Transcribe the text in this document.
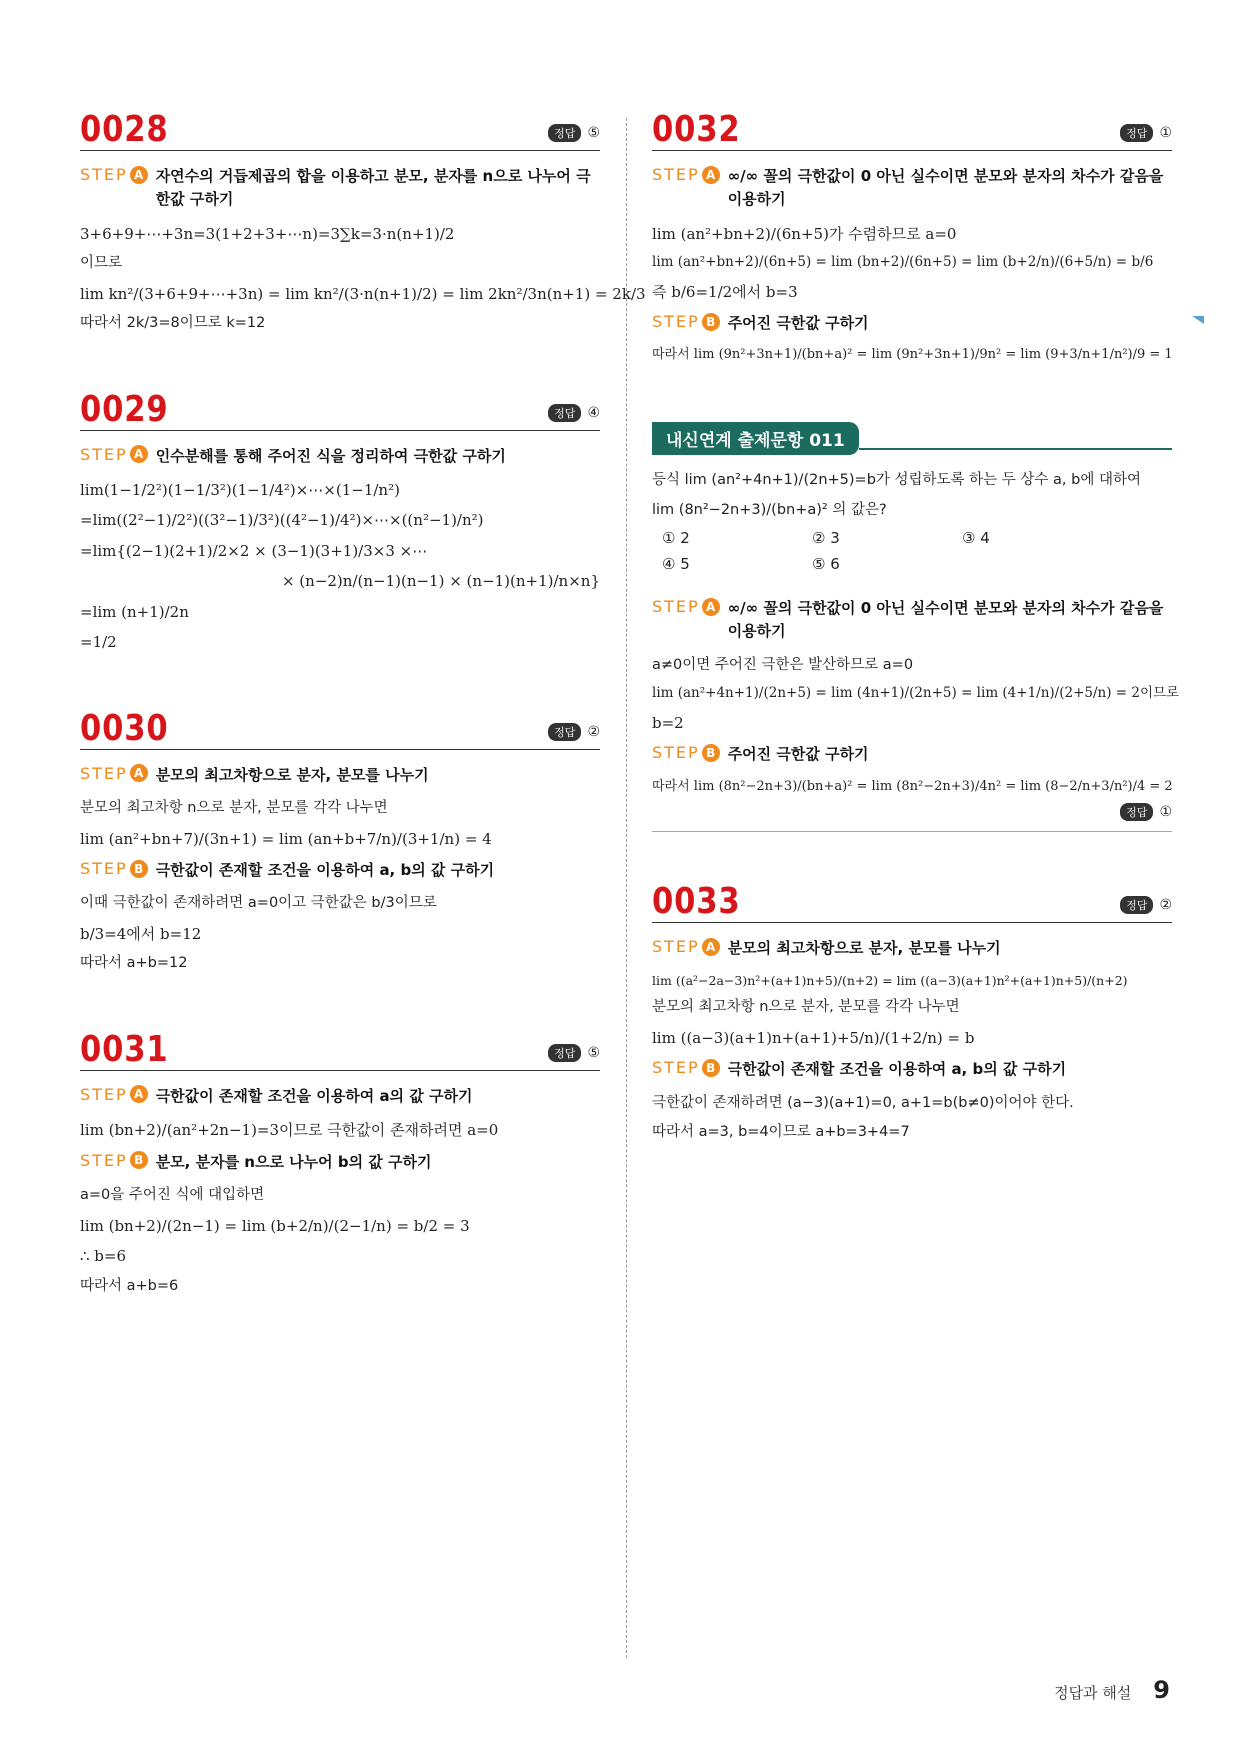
0028	정답 ⑤
STEP A 자연수의 거듭제곱의 합을 이용하고 분모, 분자를 n으로 나누어 극한값 구하기
3+6+9+⋯+3n=3(1+2+3+⋯n)=3∑k=3·n(n+1)/2
이므로
lim kn²/(3+6+9+⋯+3n) = lim kn²/(3·n(n+1)/2) = lim 2kn²/3n(n+1) = 2k/3
따라서 2k/3=8이므로 k=12
0029	정답 ④
STEP A 인수분해를 통해 주어진 식을 정리하여 극한값 구하기
lim(1−1/2²)(1−1/3²)(1−1/4²)×⋯×(1−1/n²)
=lim((2²−1)/2²)((3²−1)/3²)((4²−1)/4²)×⋯×((n²−1)/n²)
=lim{(2−1)(2+1)/2×2 × (3−1)(3+1)/3×3 ×⋯
× (n−2)n/(n−1)(n−1) × (n−1)(n+1)/n×n}
=lim (n+1)/2n
=1/2
0030	정답 ②
STEP A 분모의 최고차항으로 분자, 분모를 나누기
분모의 최고차항 n으로 분자, 분모를 각각 나누면
lim (an²+bn+7)/(3n+1) = lim (an+b+7/n)/(3+1/n) = 4
STEP B 극한값이 존재할 조건을 이용하여 a, b의 값 구하기
이때 극한값이 존재하려면 a=0이고 극한값은 b/3이므로
b/3=4에서 b=12
따라서 a+b=12
0031	정답 ⑤
STEP A 극한값이 존재할 조건을 이용하여 a의 값 구하기
lim (bn+2)/(an²+2n−1)=3이므로 극한값이 존재하려면 a=0
STEP B 분모, 분자를 n으로 나누어 b의 값 구하기
a=0을 주어진 식에 대입하면
lim (bn+2)/(2n−1) = lim (b+2/n)/(2−1/n) = b/2 = 3
∴ b=6
따라서 a+b=6
0032	정답 ①
STEP A ∞/∞ 꼴의 극한값이 0 아닌 실수이면 분모와 분자의 차수가 같음을 이용하기
lim (an²+bn+2)/(6n+5)가 수렴하므로 a=0
lim (an²+bn+2)/(6n+5) = lim (bn+2)/(6n+5) = lim (b+2/n)/(6+5/n) = b/6
즉 b/6=1/2에서 b=3
STEP B 주어진 극한값 구하기
따라서 lim (9n²+3n+1)/(bn+a)² = lim (9n²+3n+1)/9n² = lim (9+3/n+1/n²)/9 = 1
내신연계 출제문항 011
등식 lim (an²+4n+1)/(2n+5)=b가 성립하도록 하는 두 상수 a, b에 대하여
lim (8n²−2n+3)/(bn+a)² 의 값은?
① 2	② 3	③ 4
④ 5	⑤ 6
STEP A ∞/∞ 꼴의 극한값이 0 아닌 실수이면 분모와 분자의 차수가 같음을 이용하기
a≠0이면 주어진 극한은 발산하므로 a=0
lim (an²+4n+1)/(2n+5) = lim (4n+1)/(2n+5) = lim (4+1/n)/(2+5/n) = 2이므로
b=2
STEP B 주어진 극한값 구하기
따라서 lim (8n²−2n+3)/(bn+a)² = lim (8n²−2n+3)/4n² = lim (8−2/n+3/n²)/4 = 2
정답 ①
0033	정답 ②
STEP A 분모의 최고차항으로 분자, 분모를 나누기
lim ((a²−2a−3)n²+(a+1)n+5)/(n+2) = lim ((a−3)(a+1)n²+(a+1)n+5)/(n+2)
분모의 최고차항 n으로 분자, 분모를 각각 나누면
lim ((a−3)(a+1)n+(a+1)+5/n)/(1+2/n) = b
STEP B 극한값이 존재할 조건을 이용하여 a, b의 값 구하기
극한값이 존재하려면 (a−3)(a+1)=0, a+1=b(b≠0)이어야 한다.
따라서 a=3, b=4이므로 a+b=3+4=7
정답과 해설 9
